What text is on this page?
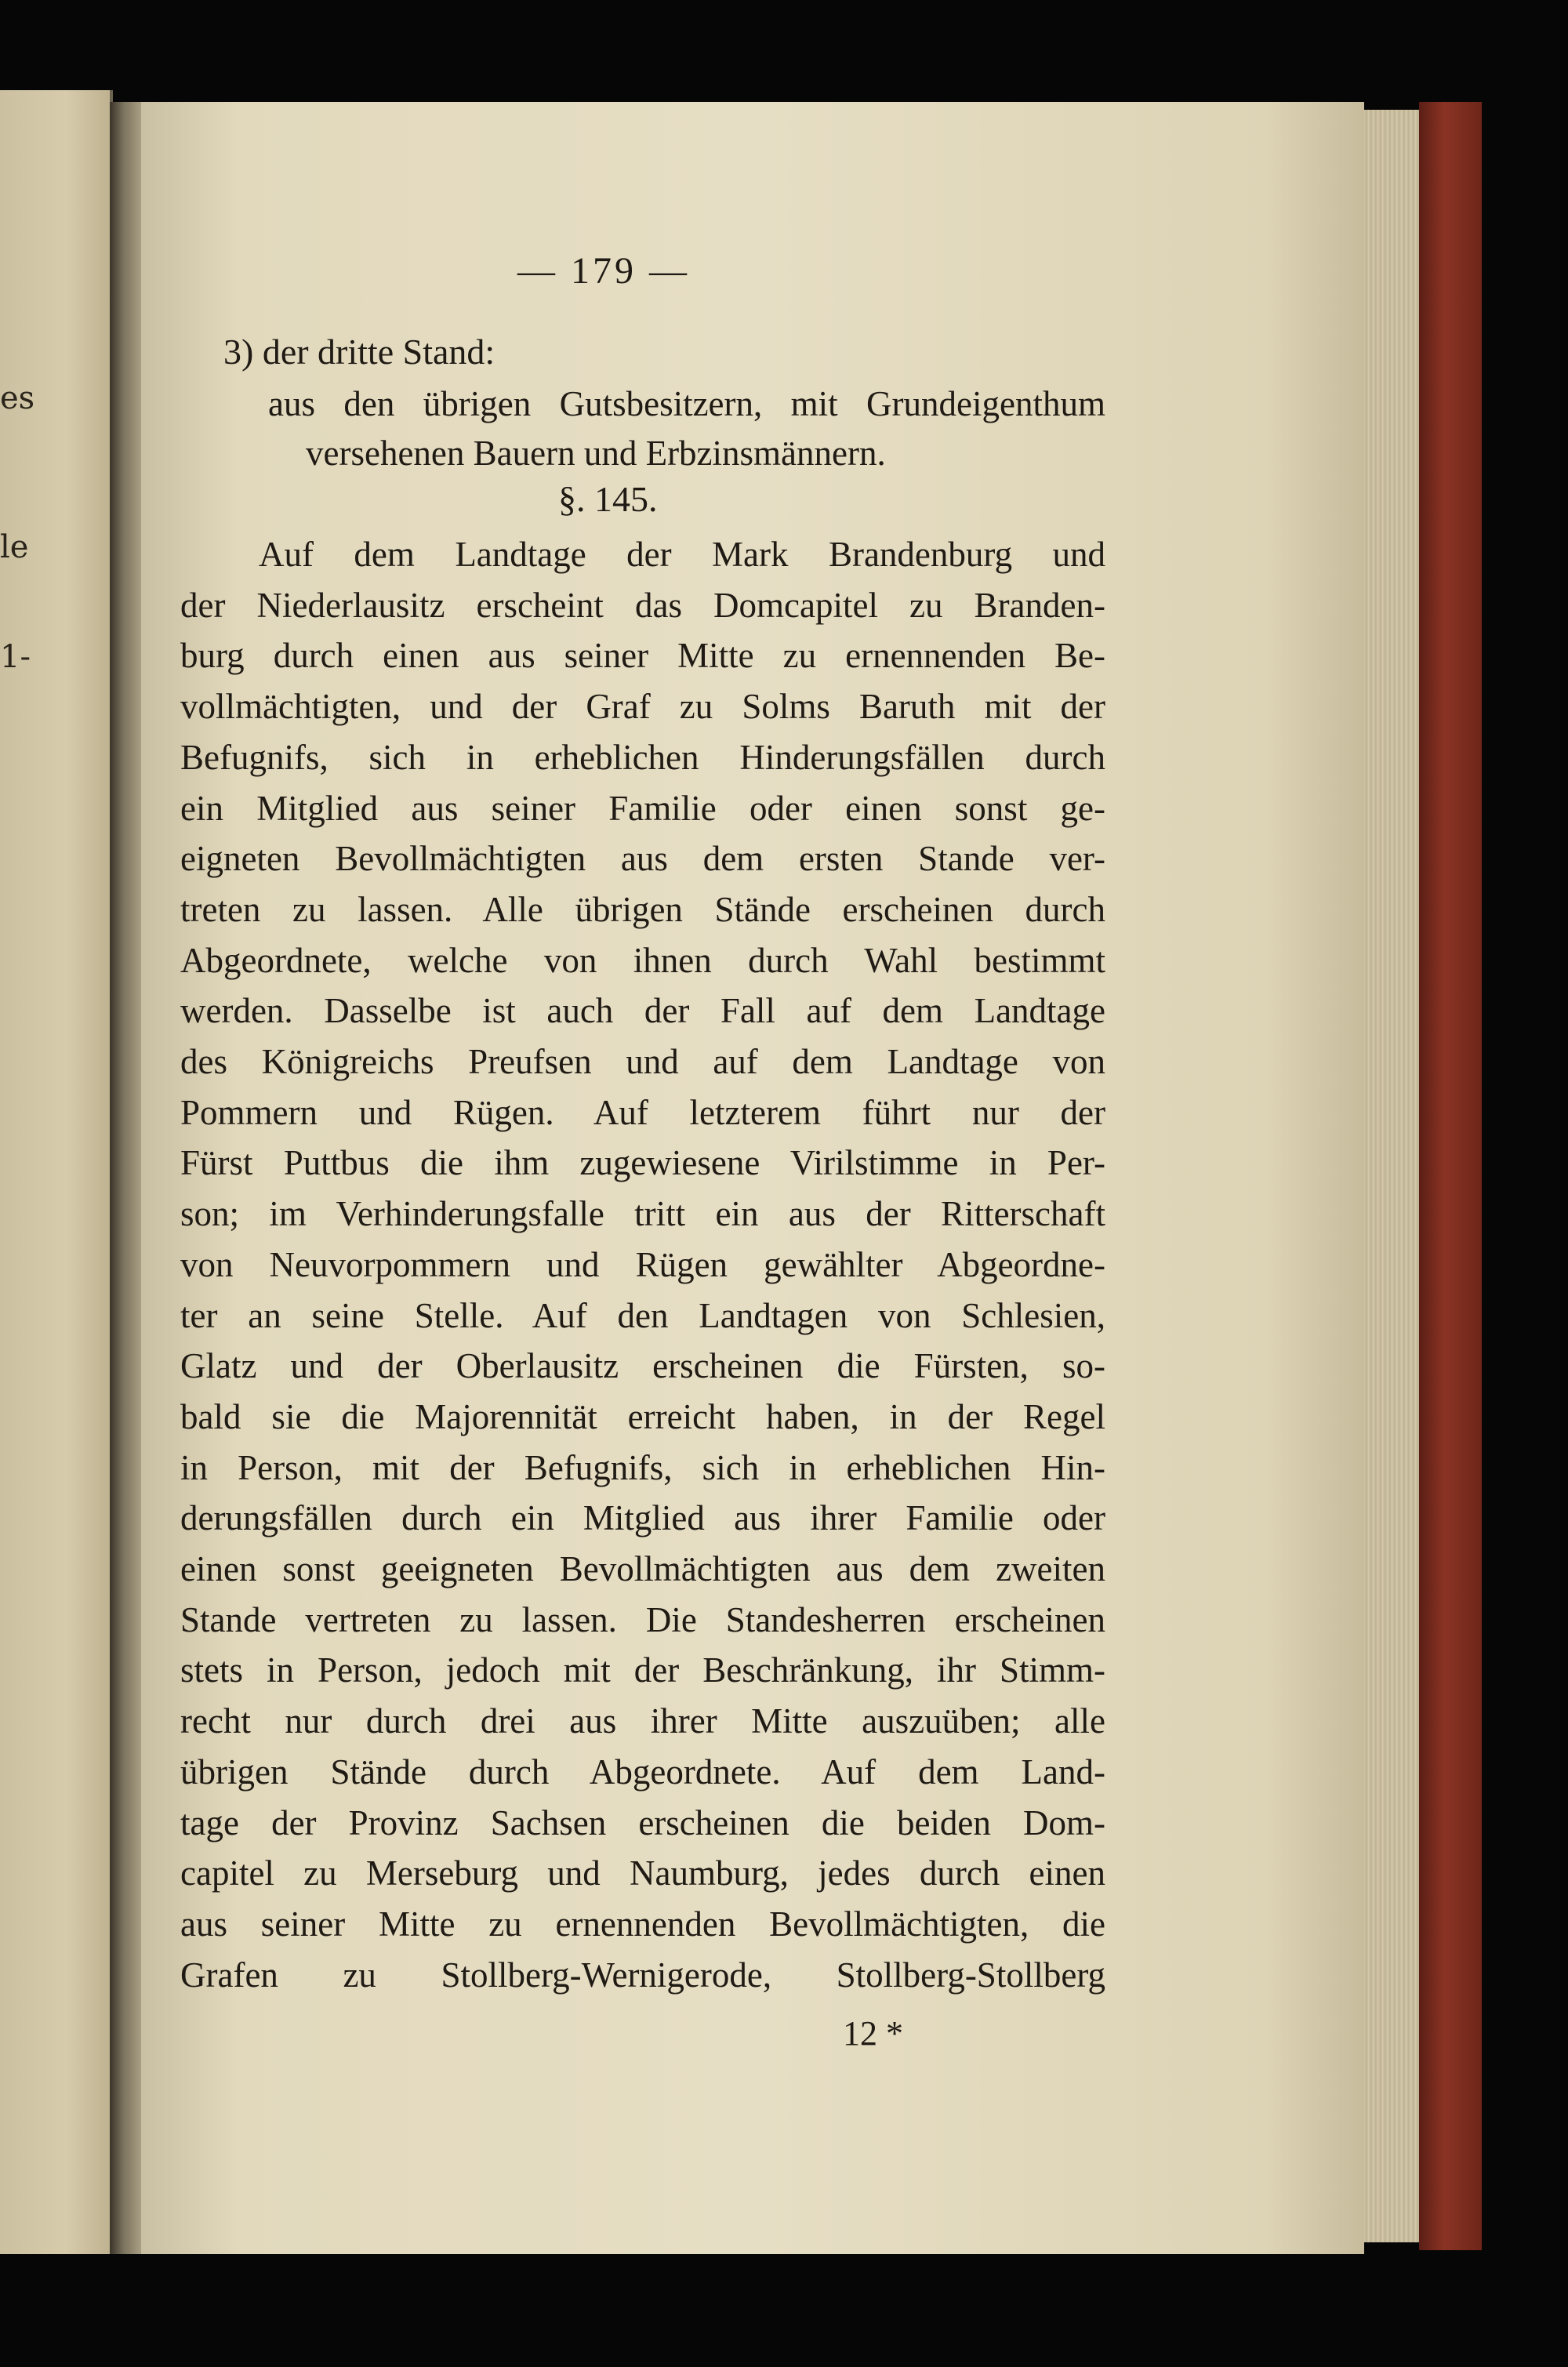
es
le
1-
— 179 —
3) der dritte Stand:
aus den übrigen Gutsbesitzern, mit Grundeigenthum
versehenen Bauern und Erbzinsmännern.
§. 145.
Auf dem Landtage der Mark Brandenburg und
der Niederlausitz erscheint das Domcapitel zu Branden-
burg durch einen aus seiner Mitte zu ernennenden Be-
vollmächtigten, und der Graf zu Solms Baruth mit der
Befugnifs, sich in erheblichen Hinderungsfällen durch
ein Mitglied aus seiner Familie oder einen sonst ge-
eigneten Bevollmächtigten aus dem ersten Stande ver-
treten zu lassen. Alle übrigen Stände erscheinen durch
Abgeordnete, welche von ihnen durch Wahl bestimmt
werden. Dasselbe ist auch der Fall auf dem Landtage
des Königreichs Preufsen und auf dem Landtage von
Pommern und Rügen. Auf letzterem führt nur der
Fürst Puttbus die ihm zugewiesene Virilstimme in Per-
son; im Verhinderungsfalle tritt ein aus der Ritterschaft
von Neuvorpommern und Rügen gewählter Abgeordne-
ter an seine Stelle. Auf den Landtagen von Schlesien,
Glatz und der Oberlausitz erscheinen die Fürsten, so-
bald sie die Majorennität erreicht haben, in der Regel
in Person, mit der Befugnifs, sich in erheblichen Hin-
derungsfällen durch ein Mitglied aus ihrer Familie oder
einen sonst geeigneten Bevollmächtigten aus dem zweiten
Stande vertreten zu lassen. Die Standesherren erscheinen
stets in Person, jedoch mit der Beschränkung, ihr Stimm-
recht nur durch drei aus ihrer Mitte auszuüben; alle
übrigen Stände durch Abgeordnete. Auf dem Land-
tage der Provinz Sachsen erscheinen die beiden Dom-
capitel zu Merseburg und Naumburg, jedes durch einen
aus seiner Mitte zu ernennenden Bevollmächtigten, die
Grafen zu Stollberg-Wernigerode, Stollberg-Stollberg
12 *
